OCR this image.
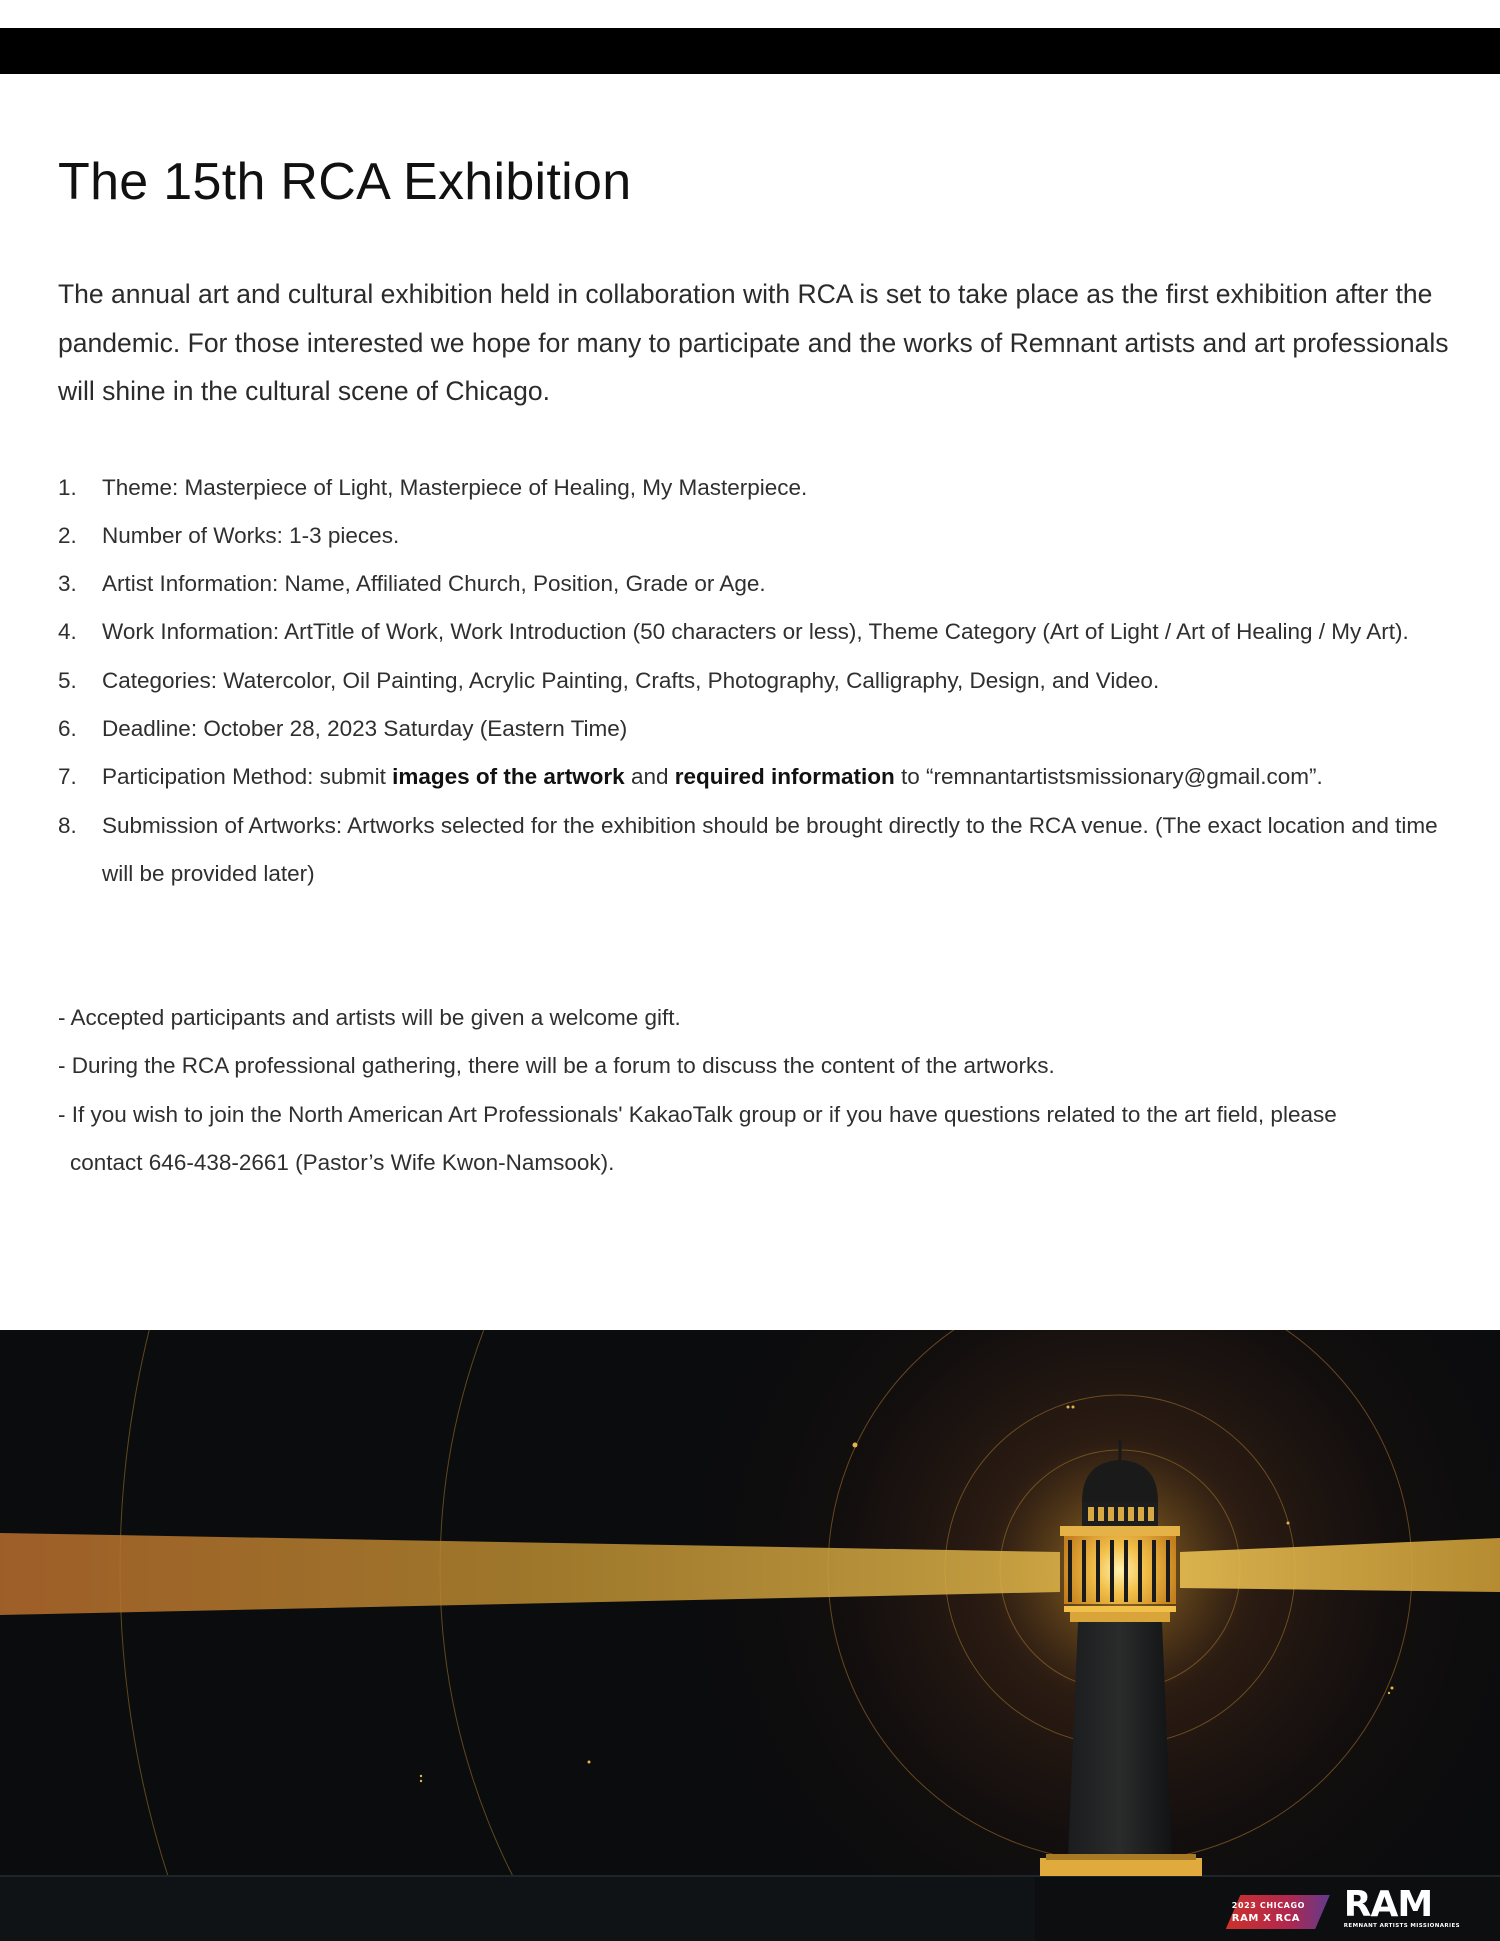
The 15th RCA Exhibition

The annual art and cultural exhibition held in collaboration with RCA is set to take place as the first exhibition after the pandemic. For those interested we hope for many to participate and the works of Remnant artists and art professionals will shine in the cultural scene of Chicago.

1. Theme: Masterpiece of Light, Masterpiece of Healing, My Masterpiece.
2. Number of Works: 1-3 pieces.
3. Artist Information: Name, Affiliated Church, Position, Grade or Age.
4. Work Information: ArtTitle of Work, Work Introduction (50 characters or less), Theme Category (Art of Light / Art of Healing / My Art).
5. Categories: Watercolor, Oil Painting, Acrylic Painting, Crafts, Photography, Calligraphy, Design, and Video.
6. Deadline: October 28, 2023 Saturday (Eastern Time)
7. Participation Method: submit images of the artwork and required information to “remnantartistsmissionary@gmail.com”.
8. Submission of Artworks: Artworks selected for the exhibition should be brought directly to the RCA venue. (The exact location and time will be provided later)

- Accepted participants and artists will be given a welcome gift.

- During the RCA professional gathering, there will be a forum to discuss the content of the artworks.

- If you wish to join the North American Art Professionals' KakaoTalk group or if you have questions related to the art field, please

contact 646-438-2661 (Pastor’s Wife Kwon-Namsook).

2023 CHICAGO
RAM X RCA RAM
REMNANT ARTISTS MISSIONARIES
